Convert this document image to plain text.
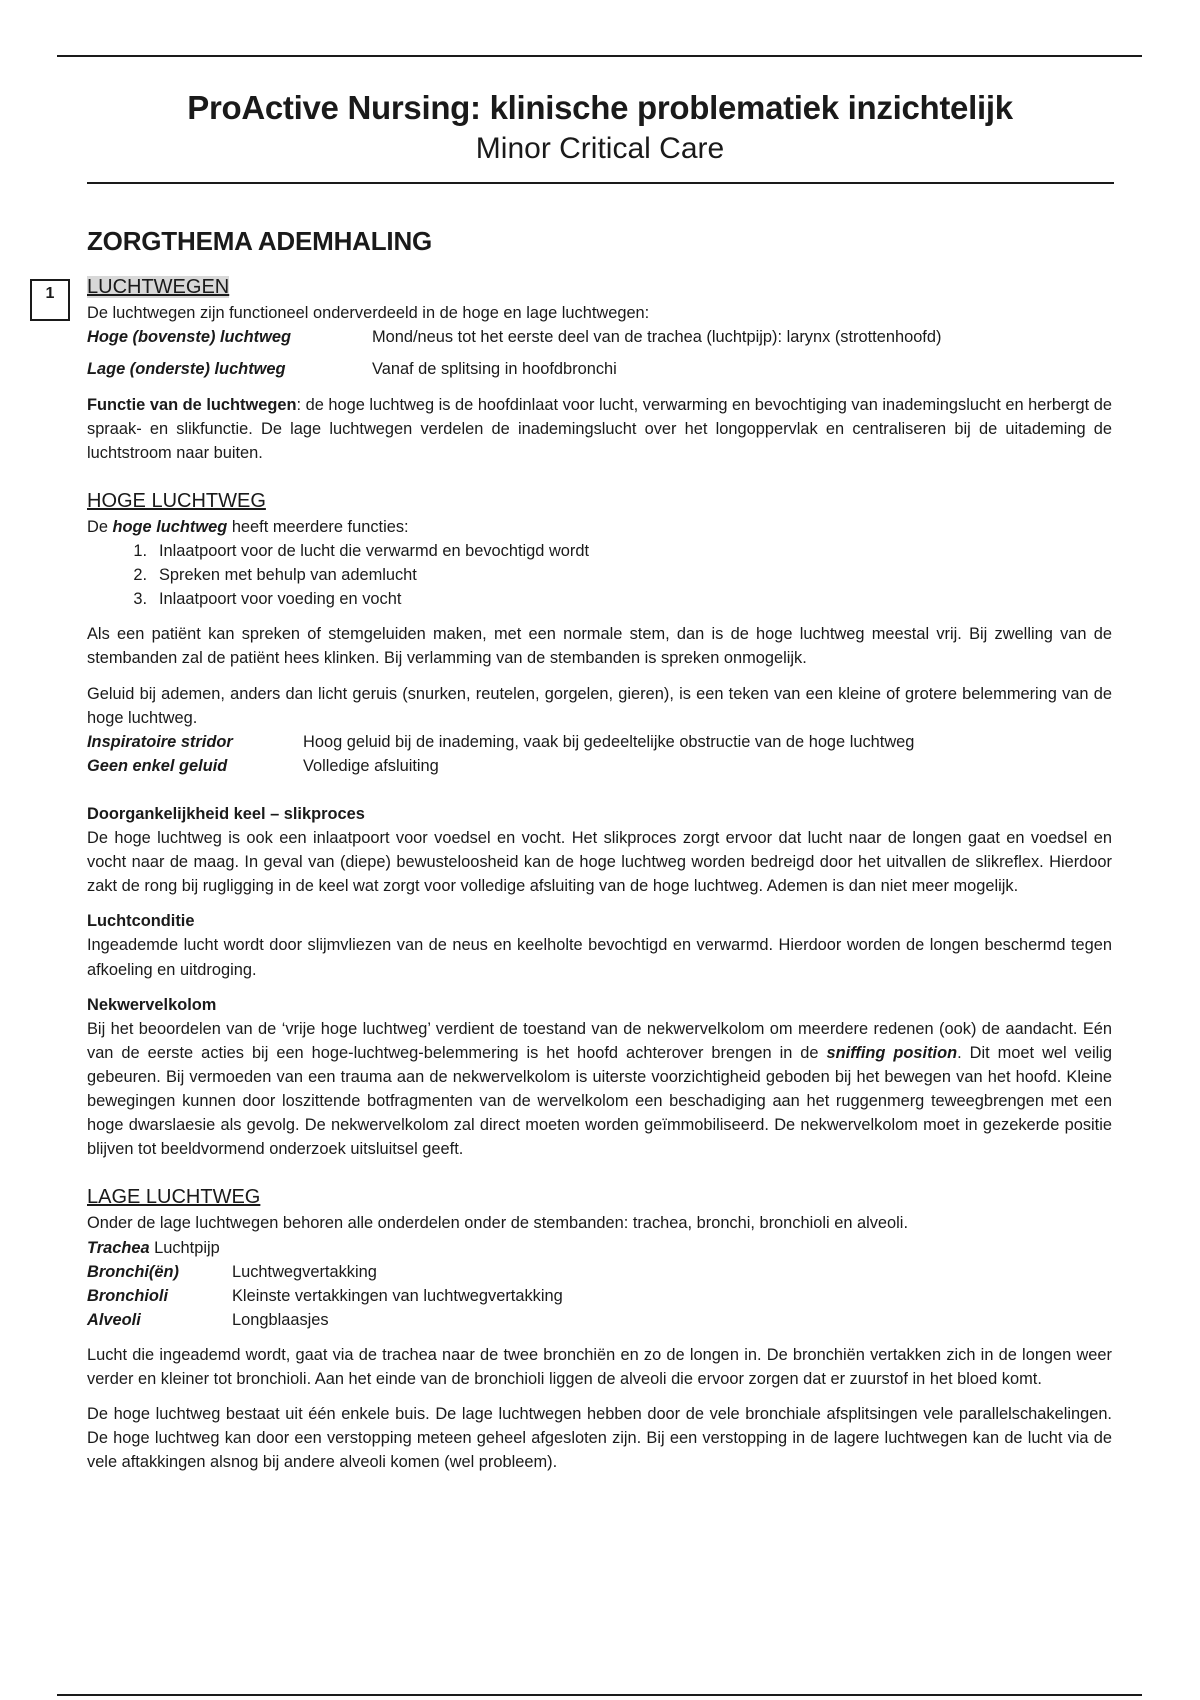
ProActive Nursing: klinische problematiek inzichtelijk
Minor Critical Care
1
ZORGTHEMA ADEMHALING
LUCHTWEGEN

De luchtwegen zijn functioneel onderverdeeld in de hoge en lage luchtwegen:

Hoge (bovenste) luchtweg	Mond/neus tot het eerste deel van de trachea (luchtpijp): larynx (strottenhoofd)
Lage (onderste) luchtweg	Vanaf de splitsing in hoofdbronchi

Functie van de luchtwegen: de hoge luchtweg is de hoofdinlaat voor lucht, verwarming en bevochtiging van inademingslucht en herbergt de spraak- en slikfunctie. De lage luchtwegen verdelen de inademingslucht over het longoppervlak en centraliseren bij de uitademing de luchtstroom naar buiten.

HOGE LUCHTWEG

De hoge luchtweg heeft meerdere functies:

1. Inlaatpoort voor de lucht die verwarmd en bevochtigd wordt
2. Spreken met behulp van ademlucht
3. Inlaatpoort voor voeding en vocht

Als een patiënt kan spreken of stemgeluiden maken, met een normale stem, dan is de hoge luchtweg meestal vrij. Bij zwelling van de stembanden zal de patiënt hees klinken. Bij verlamming van de stembanden is spreken onmogelijk.

Geluid bij ademen, anders dan licht geruis (snurken, reutelen, gorgelen, gieren), is een teken van een kleine of grotere belemmering van de hoge luchtweg.

Inspiratoire stridor	Hoog geluid bij de inademing, vaak bij gedeeltelijke obstructie van de hoge luchtweg
Geen enkel geluid	Volledige afsluiting

Doorgankelijkheid keel – slikproces

De hoge luchtweg is ook een inlaatpoort voor voedsel en vocht. Het slikproces zorgt ervoor dat lucht naar de longen gaat en voedsel en vocht naar de maag. In geval van (diepe) bewusteloosheid kan de hoge luchtweg worden bedreigd door het uitvallen de slikreflex. Hierdoor zakt de rong bij rugligging in de keel wat zorgt voor volledige afsluiting van de hoge luchtweg. Ademen is dan niet meer mogelijk.

Luchtconditie

Ingeademde lucht wordt door slijmvliezen van de neus en keelholte bevochtigd en verwarmd. Hierdoor worden de longen beschermd tegen afkoeling en uitdroging.

Nekwervelkolom

Bij het beoordelen van de ‘vrije hoge luchtweg’ verdient de toestand van de nekwervelkolom om meerdere redenen (ook) de aandacht. Eén van de eerste acties bij een hoge-luchtweg-belemmering is het hoofd achterover brengen in de sniffing position. Dit moet wel veilig gebeuren. Bij vermoeden van een trauma aan de nekwervelkolom is uiterste voorzichtigheid geboden bij het bewegen van het hoofd. Kleine bewegingen kunnen door loszittende botfragmenten van de wervelkolom een beschadiging aan het ruggenmerg teweegbrengen met een hoge dwarslaesie als gevolg. De nekwervelkolom zal direct moeten worden geïmmobiliseerd. De nekwervelkolom moet in gezekerde positie blijven tot beeldvormend onderzoek uitsluitsel geeft.

LAGE LUCHTWEG

Onder de lage luchtwegen behoren alle onderdelen onder de stembanden: trachea, bronchi, bronchioli en alveoli.

Trachea Luchtpijp

Bronchi(ën)	Luchtwegvertakking
Bronchioli	Kleinste vertakkingen van luchtwegvertakking
Alveoli	Longblaasjes

Lucht die ingeademd wordt, gaat via de trachea naar de twee bronchiën en zo de longen in. De bronchiën vertakken zich in de longen weer verder en kleiner tot bronchioli. Aan het einde van de bronchioli liggen de alveoli die ervoor zorgen dat er zuurstof in het bloed komt.

De hoge luchtweg bestaat uit één enkele buis. De lage luchtwegen hebben door de vele bronchiale afsplitsingen vele parallelschakelingen. De hoge luchtweg kan door een verstopping meteen geheel afgesloten zijn. Bij een verstopping in de lagere luchtwegen kan de lucht via de vele aftakkingen alsnog bij andere alveoli komen (wel probleem).
